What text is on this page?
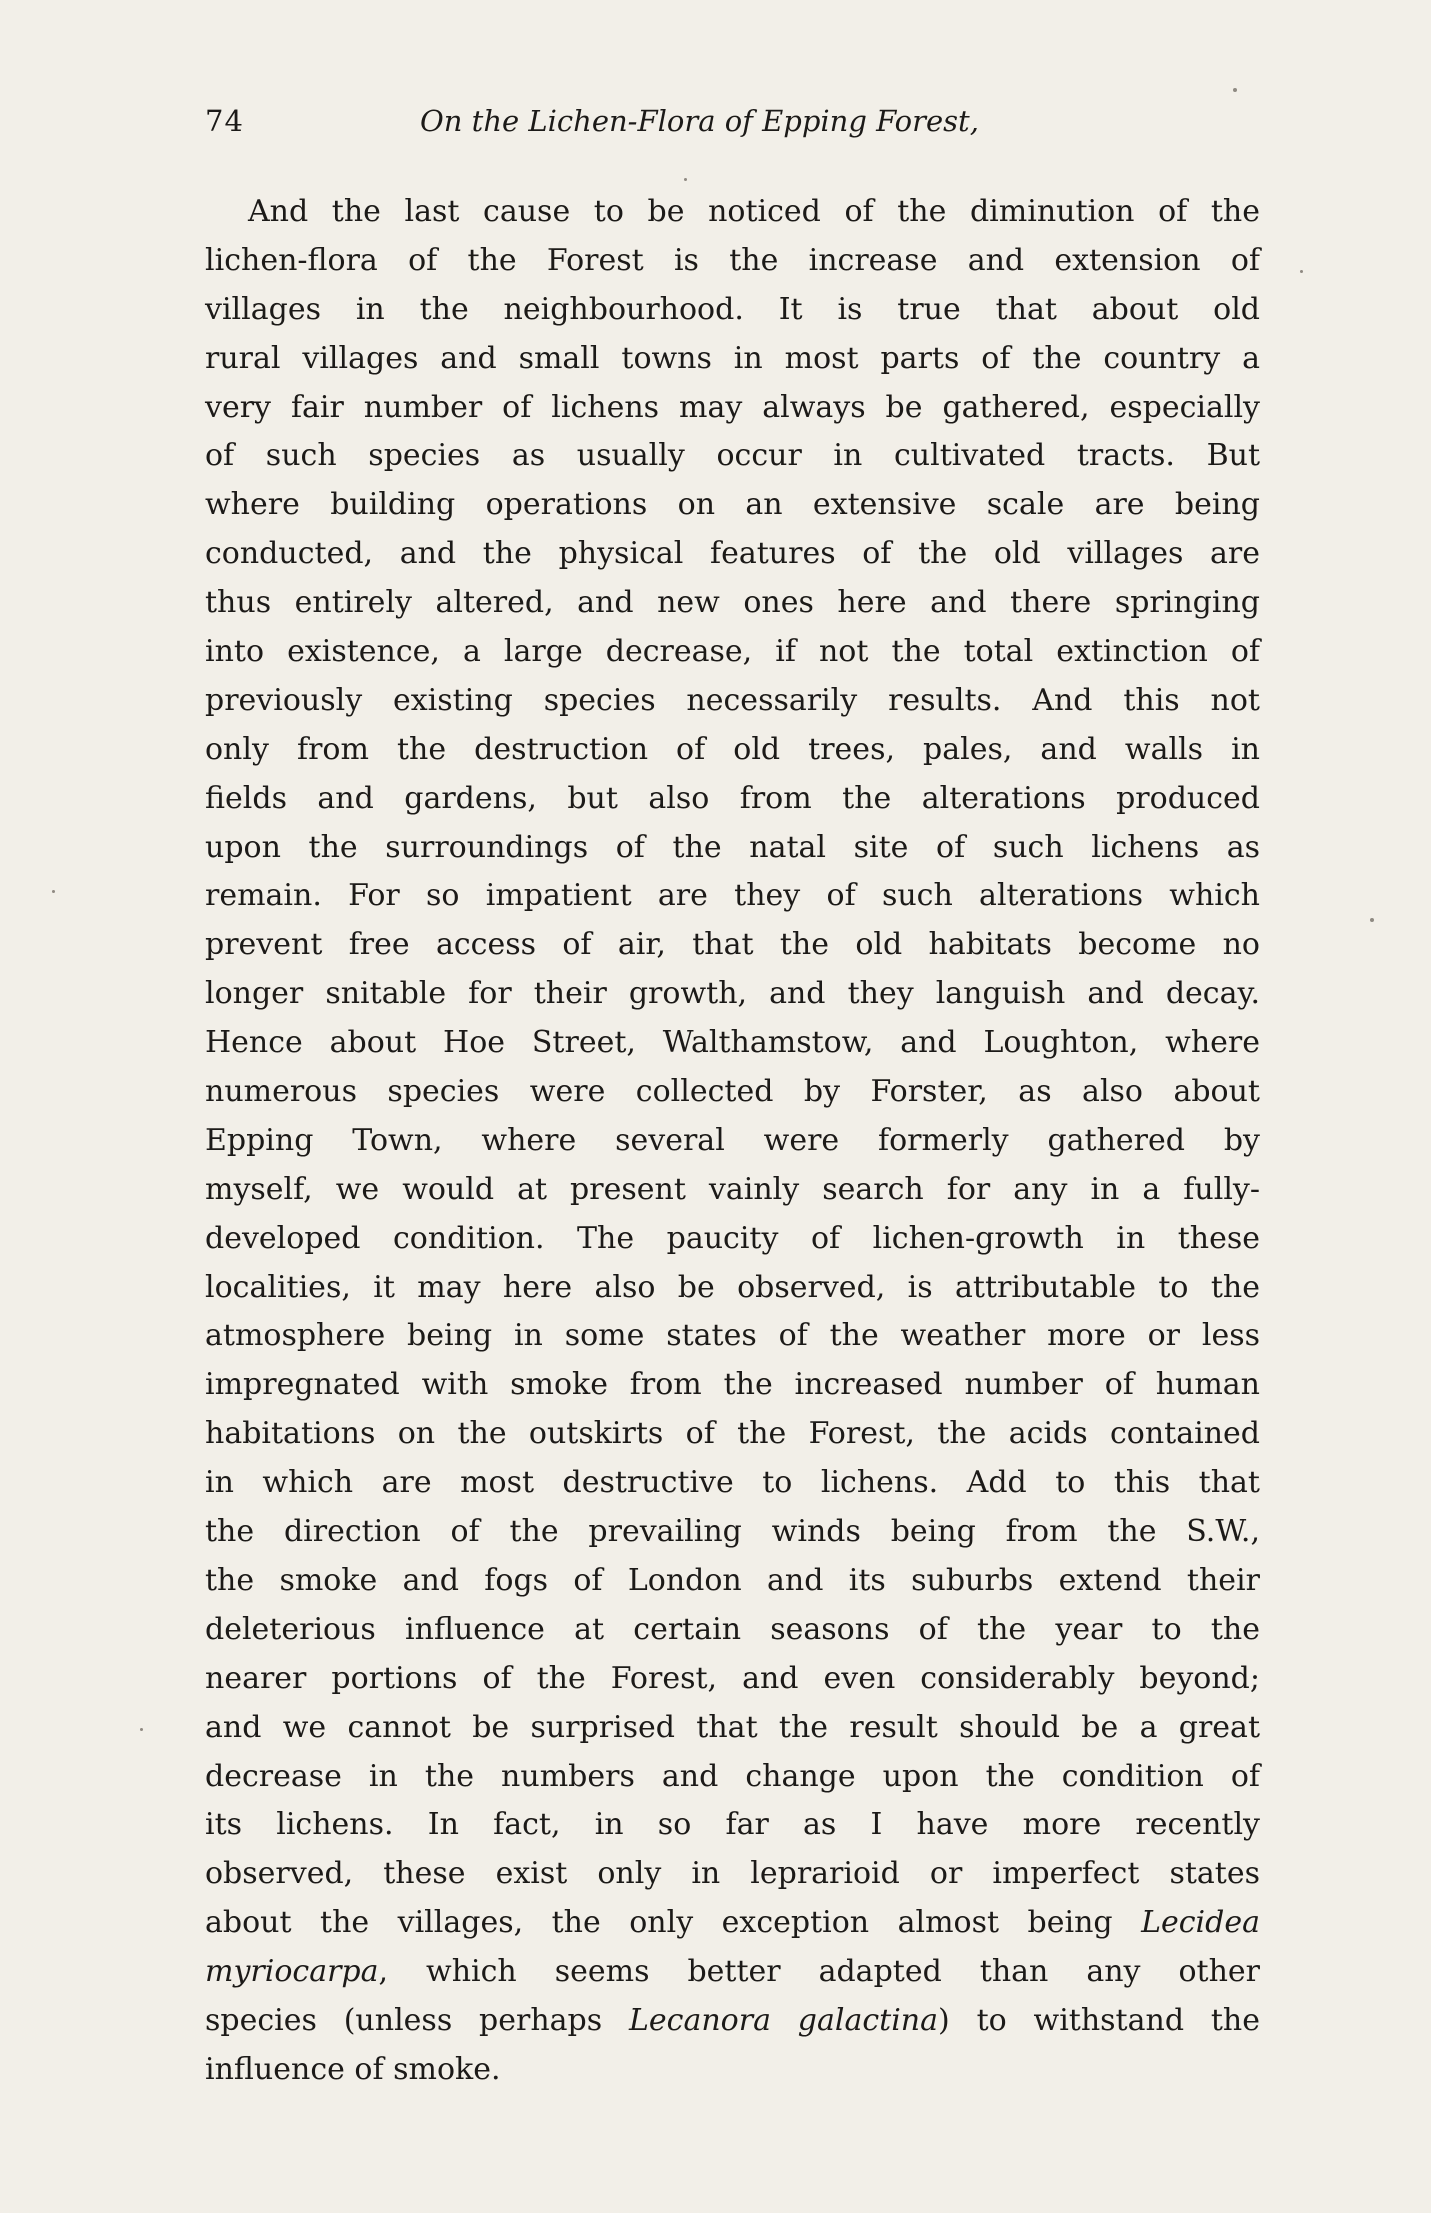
74	On the Lichen-Flora of Epping Forest,
And the last cause to be noticed of the diminution of the
lichen-flora of the Forest is the increase and extension of
villages in the neighbourhood. It is true that about old
rural villages and small towns in most parts of the country a
very fair number of lichens may always be gathered, especially
of such species as usually occur in cultivated tracts. But
where building operations on an extensive scale are being
conducted, and the physical features of the old villages are
thus entirely altered, and new ones here and there springing
into existence, a large decrease, if not the total extinction of
previously existing species necessarily results. And this not
only from the destruction of old trees, pales, and walls in
fields and gardens, but also from the alterations produced
upon the surroundings of the natal site of such lichens as
remain. For so impatient are they of such alterations which
prevent free access of air, that the old habitats become no
longer snitable for their growth, and they languish and decay.
Hence about Hoe Street, Walthamstow, and Loughton, where
numerous species were collected by Forster, as also about
Epping Town, where several were formerly gathered by
myself, we would at present vainly search for any in a fully-
developed condition. The paucity of lichen-growth in these
localities, it may here also be observed, is attributable to the
atmosphere being in some states of the weather more or less
impregnated with smoke from the increased number of human
habitations on the outskirts of the Forest, the acids contained
in which are most destructive to lichens. Add to this that
the direction of the prevailing winds being from the S.W.,
the smoke and fogs of London and its suburbs extend their
deleterious influence at certain seasons of the year to the
nearer portions of the Forest, and even considerably beyond;
and we cannot be surprised that the result should be a great
decrease in the numbers and change upon the condition of
its lichens. In fact, in so far as I have more recently
observed, these exist only in leprarioid or imperfect states
about the villages, the only exception almost being Lecidea
myriocarpa, which seems better adapted than any other
species (unless perhaps Lecanora galactina) to withstand the
influence of smoke.
